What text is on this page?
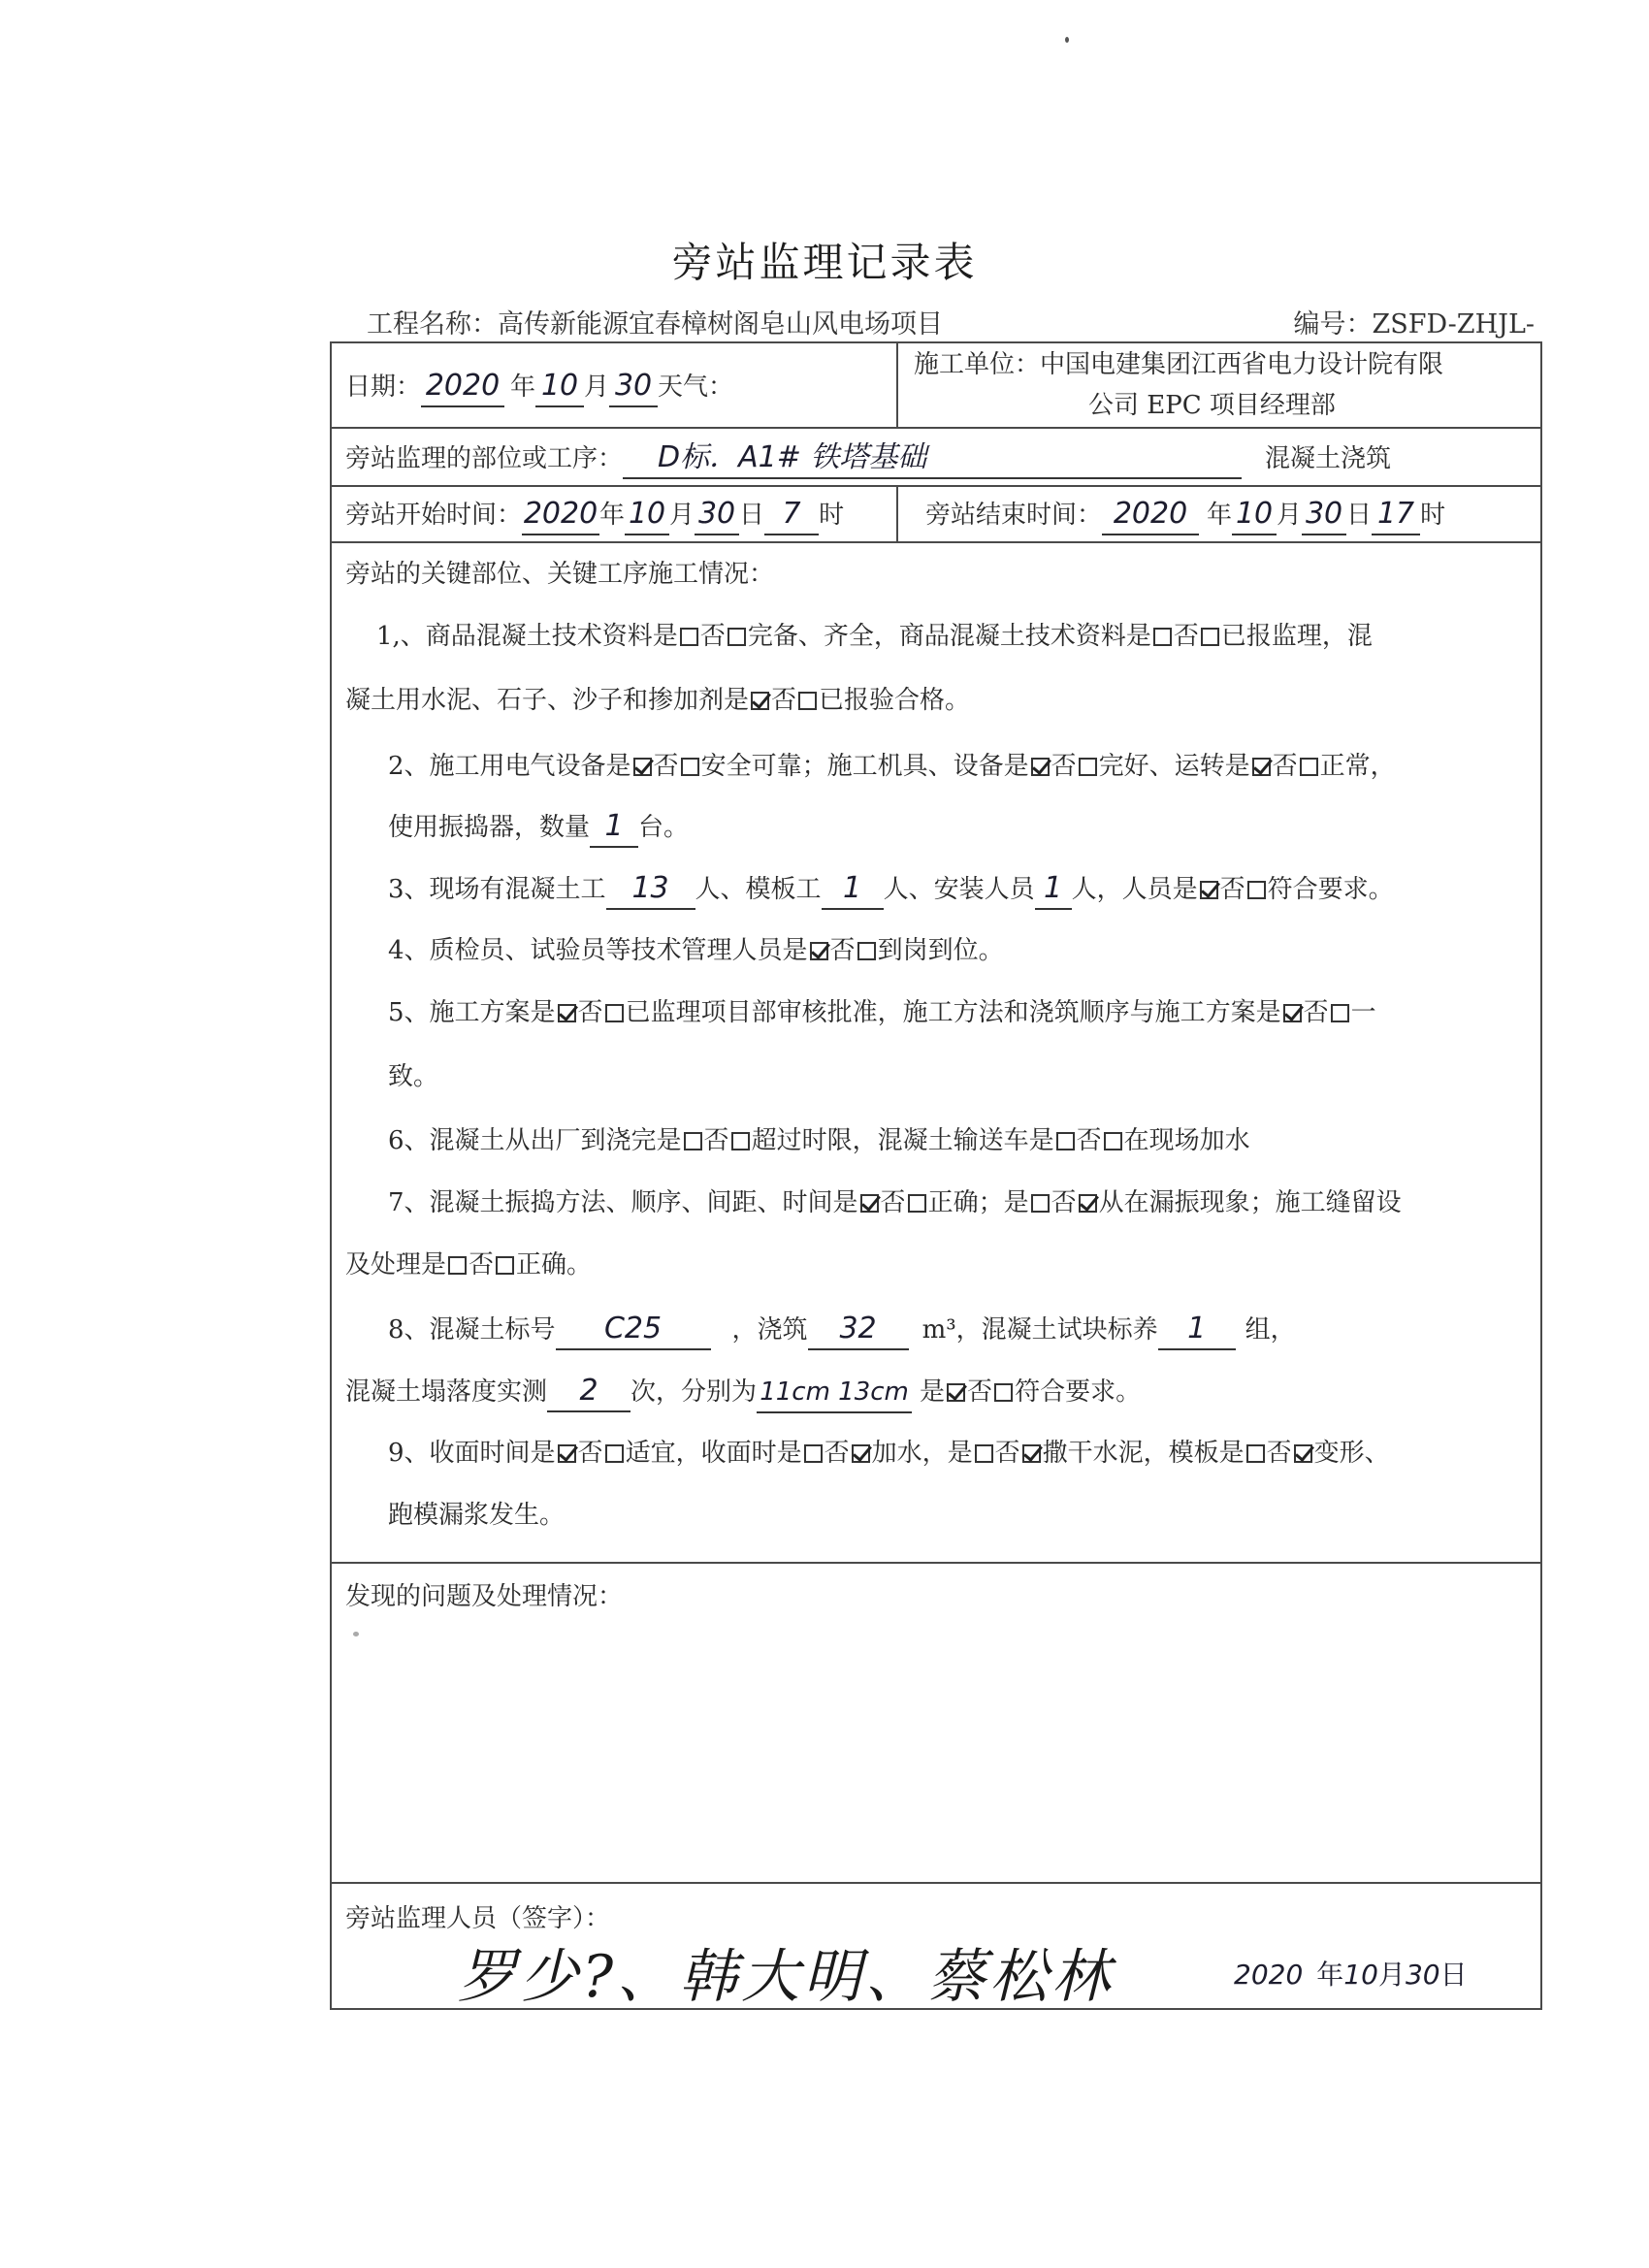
旁站监理记录表
工程名称：高传新能源宜春樟树阁皂山风电场项目	编号：ZSFD-ZHJL-
日期： 2020 年 10 月 30 天气：
施工单位：中国电建集团江西省电力设计院有限
公司 EPC 项目经理部
旁站监理的部位或工序： D标．A1# 铁塔基础	混凝土浇筑
旁站开始时间：2020年 10 月 30 日 7 时	旁站结束时间： 2020 年 10 月 30 日 17 时
旁站的关键部位、关键工序施工情况：
1,、商品混凝土技术资料是 否 完备、齐全，商品混凝土技术资料是 否 已报监理，混
凝土用水泥、石子、沙子和掺加剂是 否 已报验合格。
2、施工用电气设备是 否 安全可靠；施工机具、设备是 否 完好、运转是 否 正常，
使用振捣器，数量 1 台。
3、现场有混凝土工 13 人、模板工 1 人、安装人员 1 人，人员是 否 符合要求。
4、质检员、试验员等技术管理人员是 否 到岗到位。
5、施工方案是 否 已监理项目部审核批准，施工方法和浇筑顺序与施工方案是 否 一
致。
6、混凝土从出厂到浇完是 否 超过时限，混凝土输送车是 否 在现场加水
7、混凝土振捣方法、顺序、间距、时间是 否 正确；是 否 从在漏振现象；施工缝留设
及处理是 否 正确。
8、混凝土标号 C25	，浇筑 32 m³，混凝土试块标养 1 组，
混凝土塌落度实测 2 次，分别为 11cm 13cm 是 否 符合要求。
9、收面时间是 否 适宜，收面时是 否 加水，是 否 撒干水泥，模板是 否 变形、
跑模漏浆发生。
发现的问题及处理情况：
旁站监理人员（签字）：
罗少?、韩大明、蔡松林	2020 年10月30日
